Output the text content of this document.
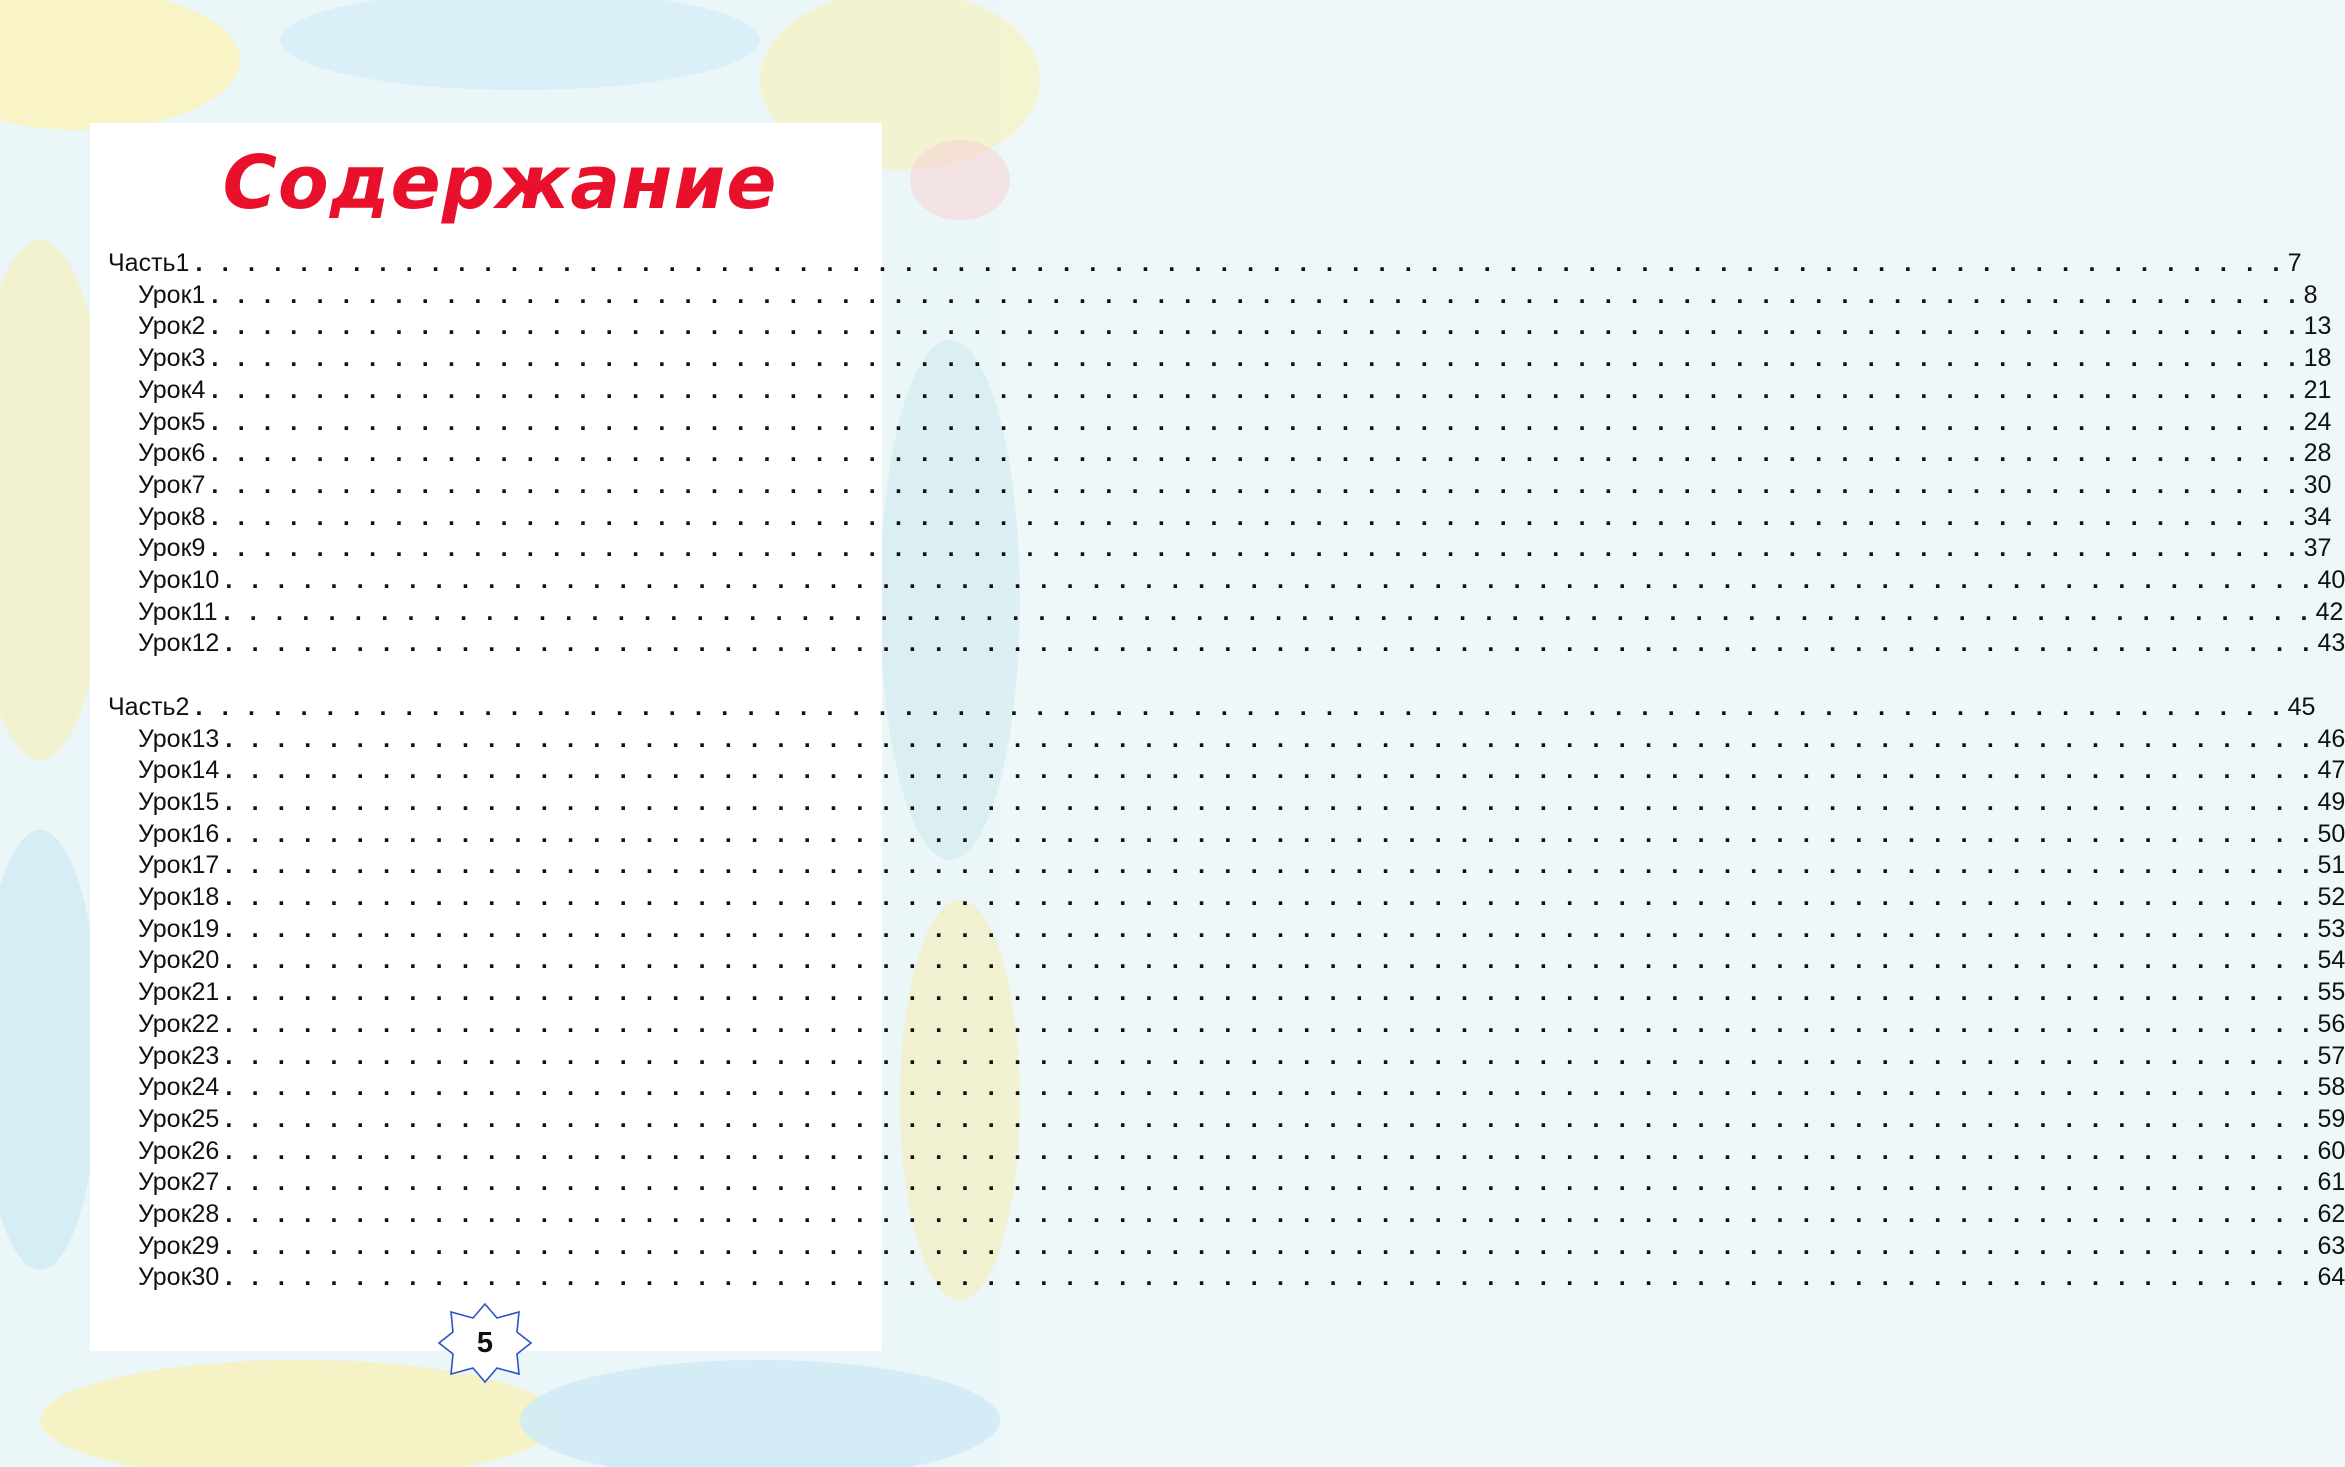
Содержание
Часть 1 . . . . . . . . . . . . . . . . . . . . . . . . . . . . . . . . . . . . . . . . . . . . . . . . . . . . . . . . . . . . . . . . . . . . . . . . . . . . . . . . 7
Урок 1 . . . . . . . . . . . . . . . . . . . . . . . . . . . . . . . . . . . . . . . . . . . . . . . . . . . . . . . . . . . . . . . . . . . . . . . . . . . . . . . . 8
Урок 2 . . . . . . . . . . . . . . . . . . . . . . . . . . . . . . . . . . . . . . . . . . . . . . . . . . . . . . . . . . . . . . . . . . . . . . . . . . . . . . . . 13
Урок 3 . . . . . . . . . . . . . . . . . . . . . . . . . . . . . . . . . . . . . . . . . . . . . . . . . . . . . . . . . . . . . . . . . . . . . . . . . . . . . . . . 18
Урок 4 . . . . . . . . . . . . . . . . . . . . . . . . . . . . . . . . . . . . . . . . . . . . . . . . . . . . . . . . . . . . . . . . . . . . . . . . . . . . . . . . 21
Урок 5 . . . . . . . . . . . . . . . . . . . . . . . . . . . . . . . . . . . . . . . . . . . . . . . . . . . . . . . . . . . . . . . . . . . . . . . . . . . . . . . . 24
Урок 6 . . . . . . . . . . . . . . . . . . . . . . . . . . . . . . . . . . . . . . . . . . . . . . . . . . . . . . . . . . . . . . . . . . . . . . . . . . . . . . . . 28
Урок 7 . . . . . . . . . . . . . . . . . . . . . . . . . . . . . . . . . . . . . . . . . . . . . . . . . . . . . . . . . . . . . . . . . . . . . . . . . . . . . . . . 30
Урок 8 . . . . . . . . . . . . . . . . . . . . . . . . . . . . . . . . . . . . . . . . . . . . . . . . . . . . . . . . . . . . . . . . . . . . . . . . . . . . . . . . 34
Урок 9 . . . . . . . . . . . . . . . . . . . . . . . . . . . . . . . . . . . . . . . . . . . . . . . . . . . . . . . . . . . . . . . . . . . . . . . . . . . . . . . . 37
Урок 10 . . . . . . . . . . . . . . . . . . . . . . . . . . . . . . . . . . . . . . . . . . . . . . . . . . . . . . . . . . . . . . . . . . . . . . . . . . . . . . . . 40
Урок 11 . . . . . . . . . . . . . . . . . . . . . . . . . . . . . . . . . . . . . . . . . . . . . . . . . . . . . . . . . . . . . . . . . . . . . . . . . . . . . . . . 42
Урок 12 . . . . . . . . . . . . . . . . . . . . . . . . . . . . . . . . . . . . . . . . . . . . . . . . . . . . . . . . . . . . . . . . . . . . . . . . . . . . . . . . 43
Часть 2 . . . . . . . . . . . . . . . . . . . . . . . . . . . . . . . . . . . . . . . . . . . . . . . . . . . . . . . . . . . . . . . . . . . . . . . . . . . . . . . . 45
Урок 13 . . . . . . . . . . . . . . . . . . . . . . . . . . . . . . . . . . . . . . . . . . . . . . . . . . . . . . . . . . . . . . . . . . . . . . . . . . . . . . . . 46
Урок 14 . . . . . . . . . . . . . . . . . . . . . . . . . . . . . . . . . . . . . . . . . . . . . . . . . . . . . . . . . . . . . . . . . . . . . . . . . . . . . . . . 47
Урок 15 . . . . . . . . . . . . . . . . . . . . . . . . . . . . . . . . . . . . . . . . . . . . . . . . . . . . . . . . . . . . . . . . . . . . . . . . . . . . . . . . 49
Урок 16 . . . . . . . . . . . . . . . . . . . . . . . . . . . . . . . . . . . . . . . . . . . . . . . . . . . . . . . . . . . . . . . . . . . . . . . . . . . . . . . . 50
Урок 17 . . . . . . . . . . . . . . . . . . . . . . . . . . . . . . . . . . . . . . . . . . . . . . . . . . . . . . . . . . . . . . . . . . . . . . . . . . . . . . . . 51
Урок 18 . . . . . . . . . . . . . . . . . . . . . . . . . . . . . . . . . . . . . . . . . . . . . . . . . . . . . . . . . . . . . . . . . . . . . . . . . . . . . . . . 52
Урок 19 . . . . . . . . . . . . . . . . . . . . . . . . . . . . . . . . . . . . . . . . . . . . . . . . . . . . . . . . . . . . . . . . . . . . . . . . . . . . . . . . 53
Урок 20 . . . . . . . . . . . . . . . . . . . . . . . . . . . . . . . . . . . . . . . . . . . . . . . . . . . . . . . . . . . . . . . . . . . . . . . . . . . . . . . . 54
Урок 21 . . . . . . . . . . . . . . . . . . . . . . . . . . . . . . . . . . . . . . . . . . . . . . . . . . . . . . . . . . . . . . . . . . . . . . . . . . . . . . . . 55
Урок 22 . . . . . . . . . . . . . . . . . . . . . . . . . . . . . . . . . . . . . . . . . . . . . . . . . . . . . . . . . . . . . . . . . . . . . . . . . . . . . . . . 56
Урок 23 . . . . . . . . . . . . . . . . . . . . . . . . . . . . . . . . . . . . . . . . . . . . . . . . . . . . . . . . . . . . . . . . . . . . . . . . . . . . . . . . 57
Урок 24 . . . . . . . . . . . . . . . . . . . . . . . . . . . . . . . . . . . . . . . . . . . . . . . . . . . . . . . . . . . . . . . . . . . . . . . . . . . . . . . . 58
Урок 25 . . . . . . . . . . . . . . . . . . . . . . . . . . . . . . . . . . . . . . . . . . . . . . . . . . . . . . . . . . . . . . . . . . . . . . . . . . . . . . . . 59
Урок 26 . . . . . . . . . . . . . . . . . . . . . . . . . . . . . . . . . . . . . . . . . . . . . . . . . . . . . . . . . . . . . . . . . . . . . . . . . . . . . . . . 60
Урок 27 . . . . . . . . . . . . . . . . . . . . . . . . . . . . . . . . . . . . . . . . . . . . . . . . . . . . . . . . . . . . . . . . . . . . . . . . . . . . . . . . 61
Урок 28 . . . . . . . . . . . . . . . . . . . . . . . . . . . . . . . . . . . . . . . . . . . . . . . . . . . . . . . . . . . . . . . . . . . . . . . . . . . . . . . . 62
Урок 29 . . . . . . . . . . . . . . . . . . . . . . . . . . . . . . . . . . . . . . . . . . . . . . . . . . . . . . . . . . . . . . . . . . . . . . . . . . . . . . . . 63
Урок 30 . . . . . . . . . . . . . . . . . . . . . . . . . . . . . . . . . . . . . . . . . . . . . . . . . . . . . . . . . . . . . . . . . . . . . . . . . . . . . . . . 64
5
